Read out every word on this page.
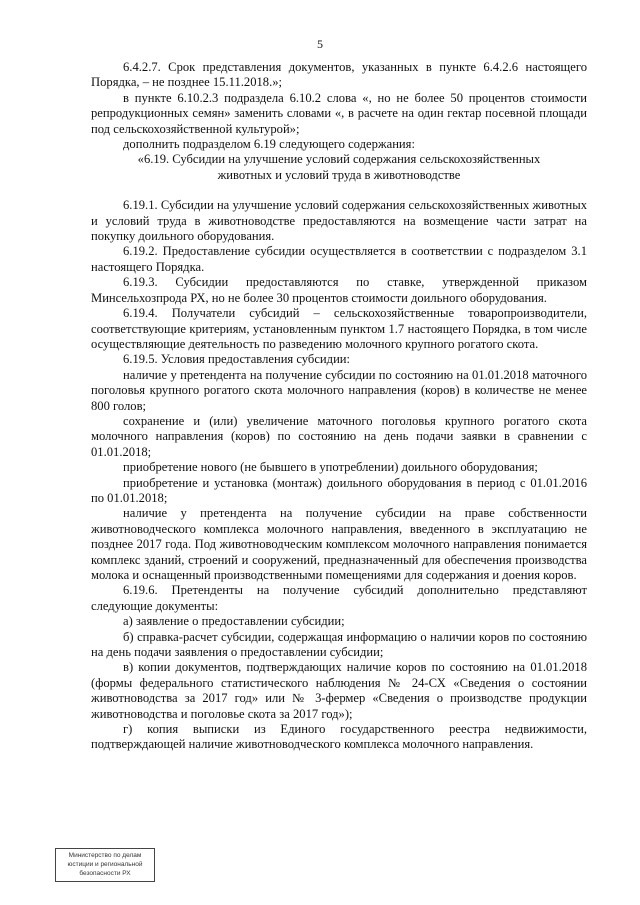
5

6.4.2.7. Срок представления документов, указанных в пункте 6.4.2.6 настоящего Порядка, – не позднее 15.11.2018.»;

в пункте 6.10.2.3 подраздела 6.10.2 слова «, но не более 50 процентов стоимости репродукционных семян» заменить словами «, в расчете на один гектар посевной площади под сельскохозяйственной культурой»;

дополнить подразделом 6.19 следующего содержания:

«6.19. Субсидии на улучшение условий содержания сельскохозяйственных животных и условий труда в животноводстве

6.19.1. Субсидии на улучшение условий содержания сельскохозяйственных животных и условий труда в животноводстве предоставляются на возмещение части затрат на покупку доильного оборудования.

6.19.2. Предоставление субсидии осуществляется в соответствии с подразделом 3.1 настоящего Порядка.

6.19.3. Субсидии предоставляются по ставке, утвержденной приказом Минсельхозпрода РХ, но не более 30 процентов стоимости доильного оборудования.

6.19.4. Получатели субсидий – сельскохозяйственные товаропроизводители, соответствующие критериям, установленным пунктом 1.7 настоящего Порядка, в том числе осуществляющие деятельность по разведению молочного крупного рогатого скота.

6.19.5. Условия предоставления субсидии:

наличие у претендента на получение субсидии по состоянию на 01.01.2018 маточного поголовья крупного рогатого скота молочного направления (коров) в количестве не менее 800 голов;

сохранение и (или) увеличение маточного поголовья крупного рогатого скота молочного направления (коров) по состоянию на день подачи заявки в сравнении с 01.01.2018;

приобретение нового (не бывшего в употреблении) доильного оборудования;

приобретение и установка (монтаж) доильного оборудования в период с 01.01.2016 по 01.01.2018;

наличие у претендента на получение субсидии на праве собственности животноводческого комплекса молочного направления, введенного в эксплуатацию не позднее 2017 года. Под животноводческим комплексом молочного направления понимается комплекс зданий, строений и сооружений, предназначенный для обеспечения производства молока и оснащенный производственными помещениями для содержания и доения коров.

6.19.6. Претенденты на получение субсидий дополнительно представляют следующие документы:

а) заявление о предоставлении субсидии;

б) справка-расчет субсидии, содержащая информацию о наличии коров по состоянию на день подачи заявления о предоставлении субсидии;

в) копии документов, подтверждающих наличие коров по состоянию на 01.01.2018 (формы федерального статистического наблюдения № 24-СХ «Сведения о состоянии животноводства за 2017 год» или № 3-фермер «Сведения о производстве продукции животноводства и поголовье скота за 2017 год»);

г) копия выписки из Единого государственного реестра недвижимости, подтверждающей наличие животноводческого комплекса молочного направления.

Министерство по делам
юстиции и региональной
безопасности РХ
